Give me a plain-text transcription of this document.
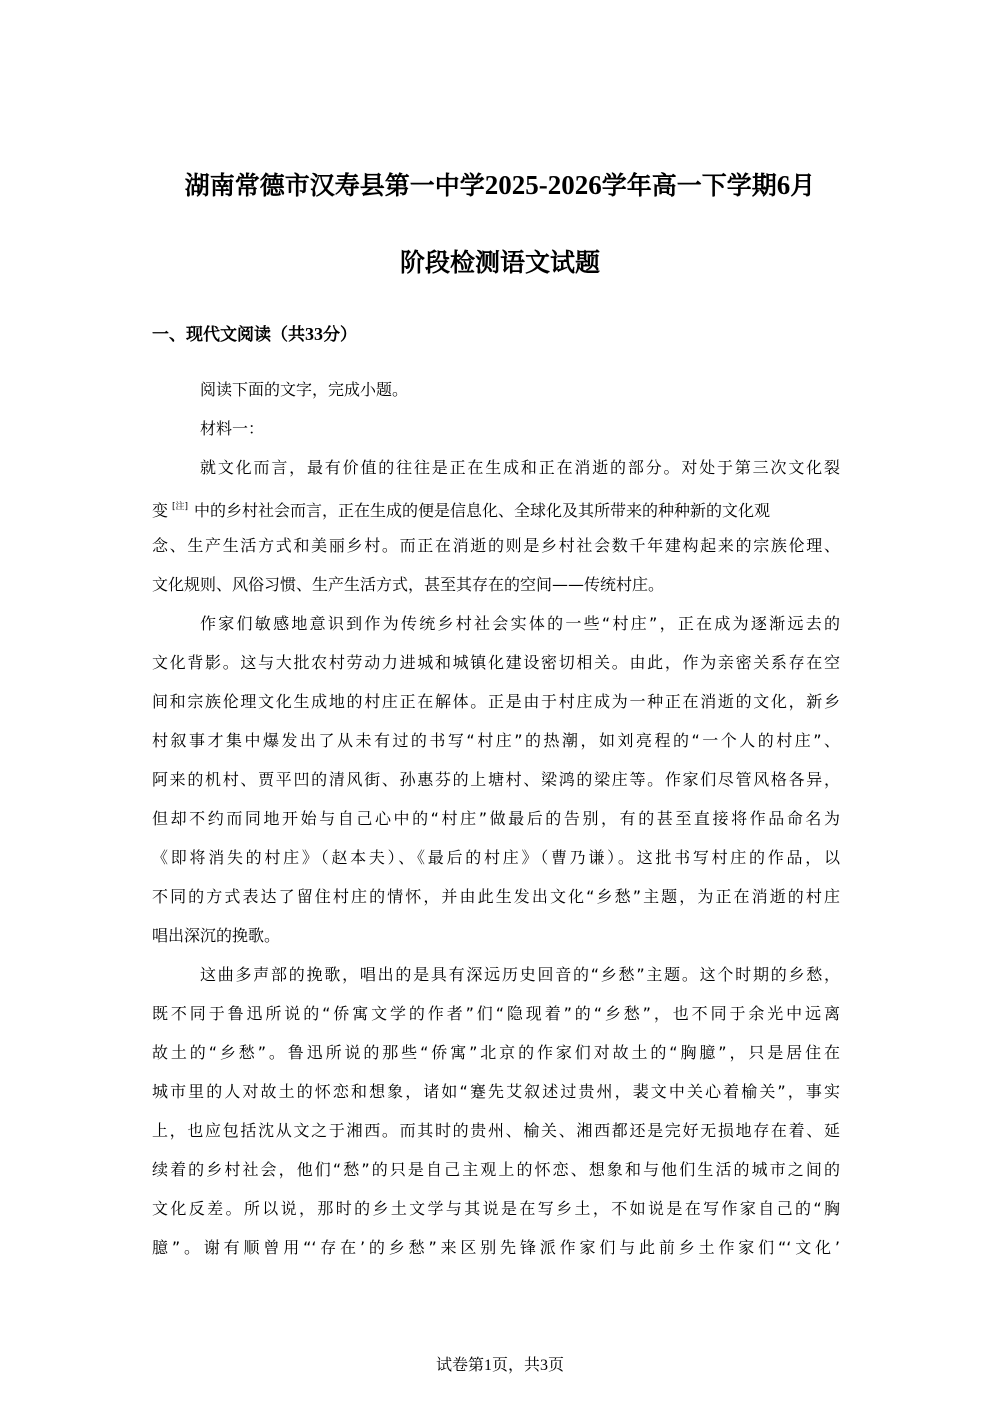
湖南常德市汉寿县第一中学2025-2026学年高一下学期6月
阶段检测语文试题
一、现代文阅读（共33分）
阅读下面的文字，完成小题。
材料一：
就文化而言，最有价值的往往是正在生成和正在消逝的部分。对处于第三次文化裂
变 [注] 中的乡村社会而言，正在生成的便是信息化、全球化及其所带来的种种新的文化观
念、生产生活方式和美丽乡村。而正在消逝的则是乡村社会数千年建构起来的宗族伦理、
文化规则、风俗习惯、生产生活方式，甚至其存在的空间——传统村庄。
作家们敏感地意识到作为传统乡村社会实体的一些“村庄”，正在成为逐渐远去的
文化背影。这与大批农村劳动力进城和城镇化建设密切相关。由此，作为亲密关系存在空
间和宗族伦理文化生成地的村庄正在解体。正是由于村庄成为一种正在消逝的文化，新乡
村叙事才集中爆发出了从未有过的书写“村庄”的热潮，如刘亮程的“一个人的村庄”、
阿来的机村、贾平凹的清风街、孙惠芬的上塘村、梁鸿的梁庄等。作家们尽管风格各异，
但却不约而同地开始与自己心中的“村庄”做最后的告别，有的甚至直接将作品命名为
《即将消失的村庄》（赵本夫）、《最后的村庄》（曹乃谦）。这批书写村庄的作品，以
不同的方式表达了留住村庄的情怀，并由此生发出文化“乡愁”主题，为正在消逝的村庄
唱出深沉的挽歌。
这曲多声部的挽歌，唱出的是具有深远历史回音的“乡愁”主题。这个时期的乡愁，
既不同于鲁迅所说的“侨寓文学的作者”们“隐现着”的“乡愁”，也不同于余光中远离
故土的“乡愁”。鲁迅所说的那些“侨寓”北京的作家们对故土的“胸臆”，只是居住在
城市里的人对故土的怀恋和想象，诸如“蹇先艾叙述过贵州，裴文中关心着榆关”，事实
上，也应包括沈从文之于湘西。而其时的贵州、榆关、湘西都还是完好无损地存在着、延
续着的乡村社会，他们“愁”的只是自己主观上的怀恋、想象和与他们生活的城市之间的
文化反差。所以说，那时的乡土文学与其说是在写乡土，不如说是在写作家自己的“胸
臆”。谢有顺曾用“‘存在’的乡愁”来区别先锋派作家们与此前乡土作家们“‘文化’
试卷第1页，共3页
